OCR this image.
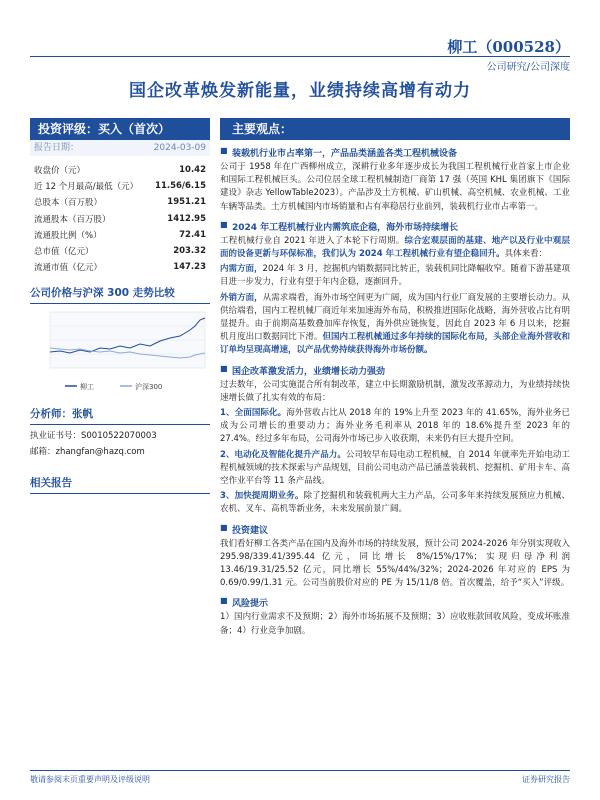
柳工（000528）
公司研究/公司深度
国企改革焕发新能量，业绩持续高增有动力
投资评级：买入（首次）
报告日期：	2024-03-09
收盘价（元）	10.42
近 12 个月最高/最低（元）	11.56/6.15
总股本（百万股）	1951.21
流通股本（百万股）	1412.95
流通股比例（%）	72.41
总市值（亿元）	203.32
流通市值（亿元）	147.23
公司价格与沪深 300 走势比较
柳工	沪深300
分析师：张帆
执业证书号：S0010522070003
邮箱：zhangfan@hazq.com
相关报告
主要观点：
■ 装载机行业市占率第一，产品品类涵盖各类工程机械设备

公司于 1958 年在广西柳州成立，深耕行业多年逐步成长为我国工程机械行业首家上市企业和国际工程机械巨头。公司位居全球工程机械制造厂商第 17 强（英国 KHL 集团旗下《国际建设》杂志 YellowTable2023）。产品涉及土方机械、矿山机械、高空机械、农业机械、工业车辆等品类。土方机械国内市场销量和占有率稳居行业前列，装载机行业市占率第一。

■ 2024 年工程机械行业内需筑底企稳，海外市场持续增长

工程机械行业自 2021 年进入了本轮下行周期。综合宏观层面的基建、地产以及行业中观层面的设备更新与环保标准，我们认为 2024 年工程机械行业有望企稳回升。具体来看：

内需方面，2024 年 3 月，挖掘机内销数据同比转正，装载机同比降幅收窄。随着下游基建项目进一步发力，行业有望于年内企稳，逐渐回升。

外销方面，从需求端看，海外市场空间更为广阔，成为国内行业厂商发展的主要增长动力。从供给端看，国内工程机械厂商近年来加速海外布局，积极推进国际化战略，海外营收占比有明显提升。由于前期高基数叠加库存恢复，海外供应链恢复，因此自 2023 年 6 月以来，挖掘机月度出口数据同比下滑。但国内工程机械通过多年持续的国际化布局，头部企业海外营收和订单均呈现高增速，以产品优势持续获得海外市场份额。

■ 国企改革激发活力，业绩增长动力强劲

过去数年，公司实施混合所有制改革，建立中长期激励机制，激发改革源动力，为业绩持续快速增长做了扎实有效的布局：

1、全面国际化。海外营收占比从 2018 年的 19%上升至 2023 年的 41.65%，海外业务已成为公司增长的重要动力；海外业务毛利率从 2018 年的 18.6%提升至 2023 年的 27.4%。经过多年布局，公司海外市场已步入收获期，未来仍有巨大提升空间。

2、电动化及智能化提升产品力。公司较早布局电动工程机械，自 2014 年就率先开始电动工程机械领域的技术探索与产品规划，目前公司电动产品已涵盖装载机、挖掘机、矿用卡车、高空作业平台等 11 条产品线。

3、加快提周期业务。除了挖掘机和装载机两大主力产品，公司多年来持续发展预应力机械、农机、叉车、高机等新业务，未来发展前景广阔。

■ 投资建议

我们看好柳工各类产品在国内及海外市场的持续发展，预计公司 2024-2026 年分别实现收入 295.98/339.41/395.44 亿元，同比增长 8%/15%/17%；实现归母净利润 13.46/19.31/25.52 亿元，同比增长 55%/44%/32%；2024-2026 年对应的 EPS 为 0.69/0.99/1.31 元。公司当前股价对应的 PE 为 15/11/8 倍。首次覆盖，给予“买入”评级。

■ 风险提示

1）国内行业需求不及预期；2）海外市场拓展不及预期；3）应收账款回收风险，变成坏账准备；4）行业竞争加剧。

敬请参阅末页重要声明及评级说明	证券研究报告
